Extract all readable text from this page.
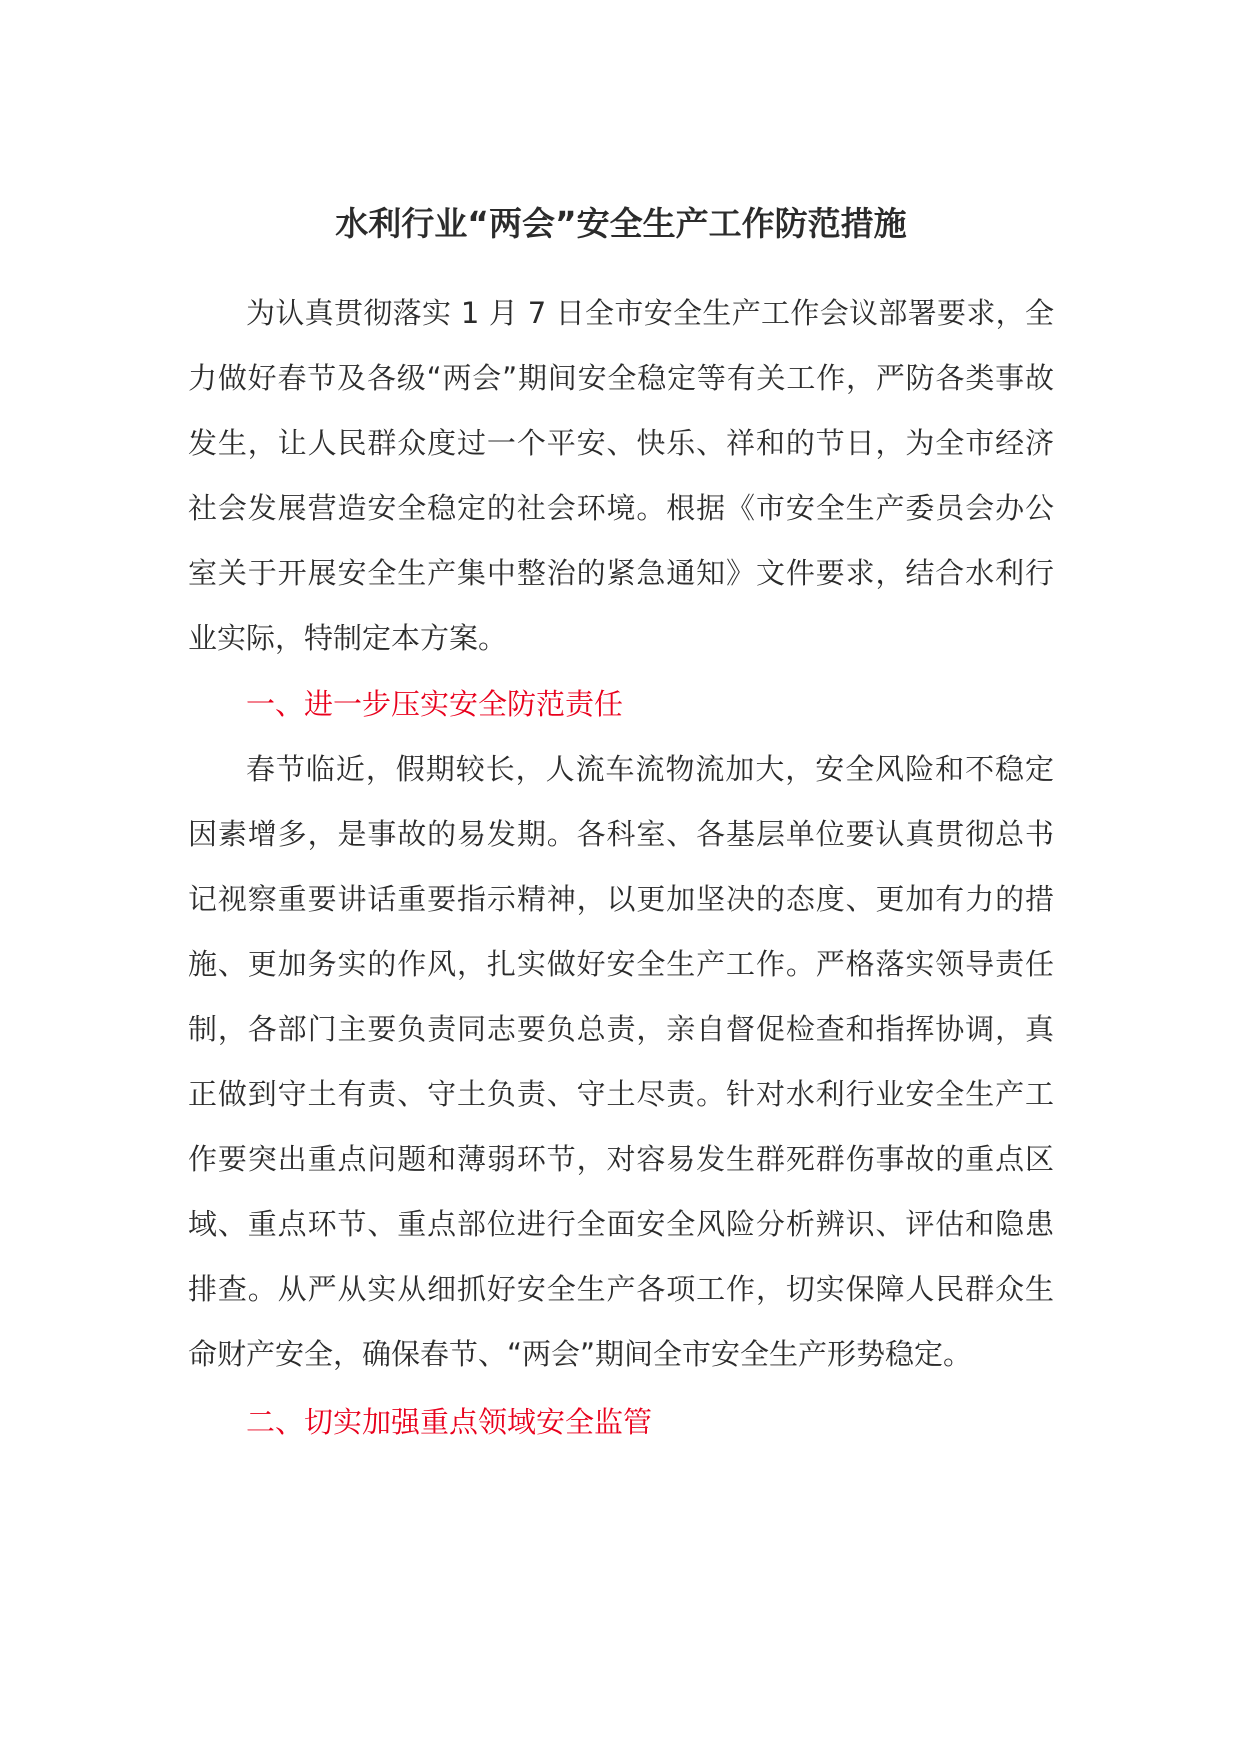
水利行业“两会”安全生产工作防范措施

为认真贯彻落实 1 月 7 日全市安全生产工作会议部署要求，全力做好春节及各级“两会”期间安全稳定等有关工作，严防各类事故发生，让人民群众度过一个平安、快乐、祥和的节日，为全市经济社会发展营造安全稳定的社会环境。根据《市安全生产委员会办公室关于开展安全生产集中整治的紧急通知》文件要求，结合水利行业实际，特制定本方案。

一、进一步压实安全防范责任

春节临近，假期较长，人流车流物流加大，安全风险和不稳定因素增多，是事故的易发期。各科室、各基层单位要认真贯彻总书记视察重要讲话重要指示精神，以更加坚决的态度、更加有力的措施、更加务实的作风，扎实做好安全生产工作。严格落实领导责任制，各部门主要负责同志要负总责，亲自督促检查和指挥协调，真正做到守土有责、守土负责、守土尽责。针对水利行业安全生产工作要突出重点问题和薄弱环节，对容易发生群死群伤事故的重点区域、重点环节、重点部位进行全面安全风险分析辨识、评估和隐患排查。从严从实从细抓好安全生产各项工作，切实保障人民群众生命财产安全，确保春节、“两会”期间全市安全生产形势稳定。

二、切实加强重点领域安全监管
